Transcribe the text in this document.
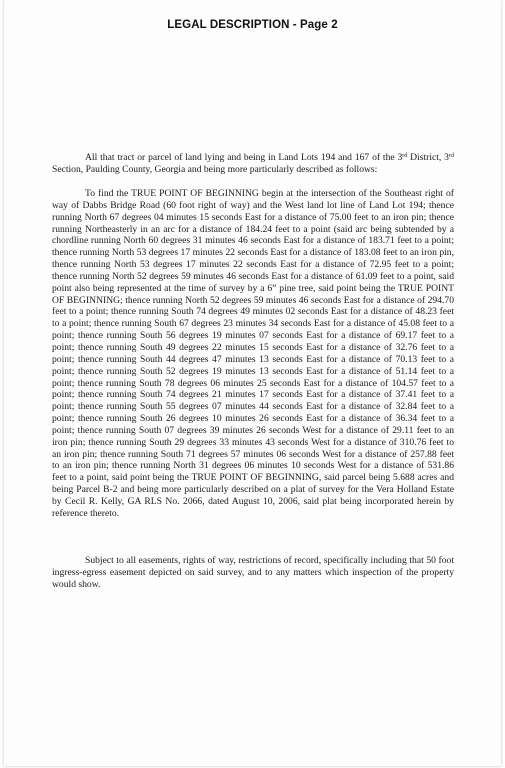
LEGAL DESCRIPTION - Page 2

All that tract or parcel of land lying and being in Land Lots 194 and 167 of the 3rd District, 3rd Section, Paulding County, Georgia and being more particularly described as follows:

To find the TRUE POINT OF BEGINNING begin at the intersection of the Southeast right of way of Dabbs Bridge Road (60 foot right of way) and the West land lot line of Land Lot 194; thence running North 67 degrees 04 minutes 15 seconds East for a distance of 75.00 feet to an iron pin; thence running Northeasterly in an arc for a distance of 184.24 feet to a point (said arc being subtended by a chordline running North 60 degrees 31 minutes 46 seconds East for a distance of 183.71 feet to a point; thence running North 53 degrees 17 minutes 22 seconds East for a distance of 183.08 feet to an iron pin, thence running North 53 degrees 17 minutes 22 seconds East for a distance of 72.95 feet to a point; thence running North 52 degrees 59 minutes 46 seconds East for a distance of 61.09 feet to a point, said point also being represented at the time of survey by a 6” pine tree, said point being the TRUE POINT OF BEGINNING; thence running North 52 degrees 59 minutes 46 seconds East for a distance of 294.70 feet to a point; thence running South 74 degrees 49 minutes 02 seconds East for a distance of 48.23 feet to a point; thence running South 67 degrees 23 minutes 34 seconds East for a distance of 45.08 feet to a point; thence running South 56 degrees 19 minutes 07 seconds East for a distance of 69.17 feet to a point; thence running South 49 degrees 22 minutes 15 seconds East for a distance of 32.76 feet to a point; thence running South 44 degrees 47 minutes 13 seconds East for a distance of 70.13 feet to a point; thence running South 52 degrees 19 minutes 13 seconds East for a distance of 51.14 feet to a point; thence running South 78 degrees 06 minutes 25 seconds East for a distance of 104.57 feet to a point; thence running South 74 degrees 21 minutes 17 seconds East for a distance of 37.41 feet to a point; thence running South 55 degrees 07 minutes 44 seconds East for a distance of 32.84 feet to a point; thence running South 26 degrees 10 minutes 26 seconds East for a distance of 36.34 feet to a point; thence running South 07 degrees 39 minutes 26 seconds West for a distance of 29.11 feet to an iron pin; thence running South 29 degrees 33 minutes 43 seconds West for a distance of 310.76 feet to an iron pin; thence running South 71 degrees 57 minutes 06 seconds West for a distance of 257.88 feet to an iron pin; thence running North 31 degrees 06 minutes 10 seconds West for a distance of 531.86 feet to a point, said point being the TRUE POINT OF BEGINNING, said parcel being 5.688 acres and being Parcel B-2 and being more particularly described on a plat of survey for the Vera Holland Estate by Cecil R. Kelly, GA RLS No. 2066, dated August 10, 2006, said plat being incorporated herein by reference thereto.

Subject to all easements, rights of way, restrictions of record, specifically including that 50 foot ingress-egress easement depicted on said survey, and to any matters which inspection of the property would show.
